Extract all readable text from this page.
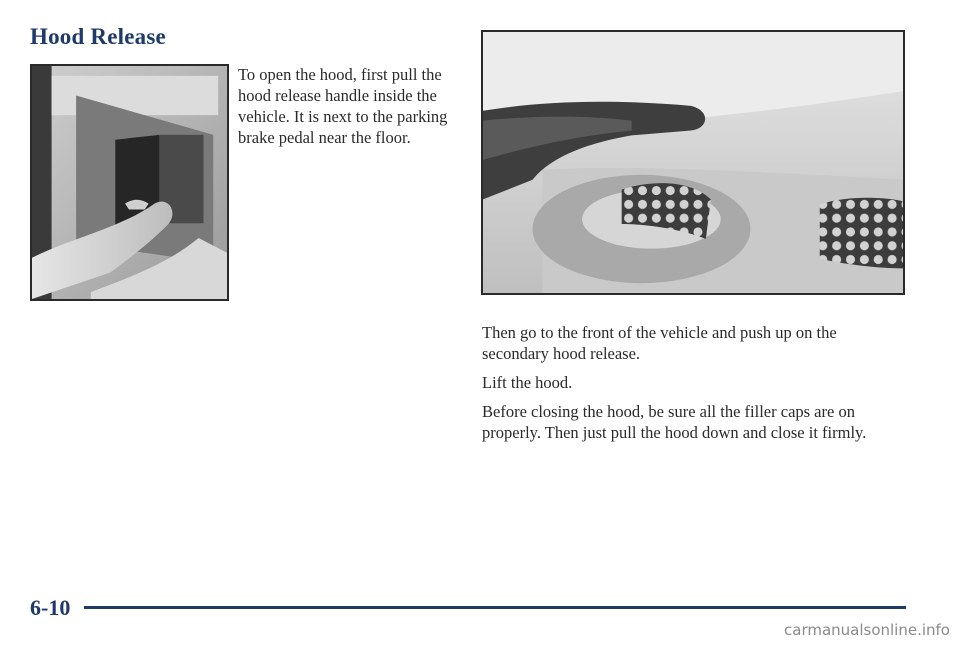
Hood Release

To open the hood, first pull the hood release handle inside the vehicle. It is next to the parking brake pedal near the floor.

Then go to the front of the vehicle and push up on the secondary hood release.

Lift the hood.

Before closing the hood, be sure all the filler caps are on properly. Then just pull the hood down and close it firmly.

6-10
carmanualsonline.info
